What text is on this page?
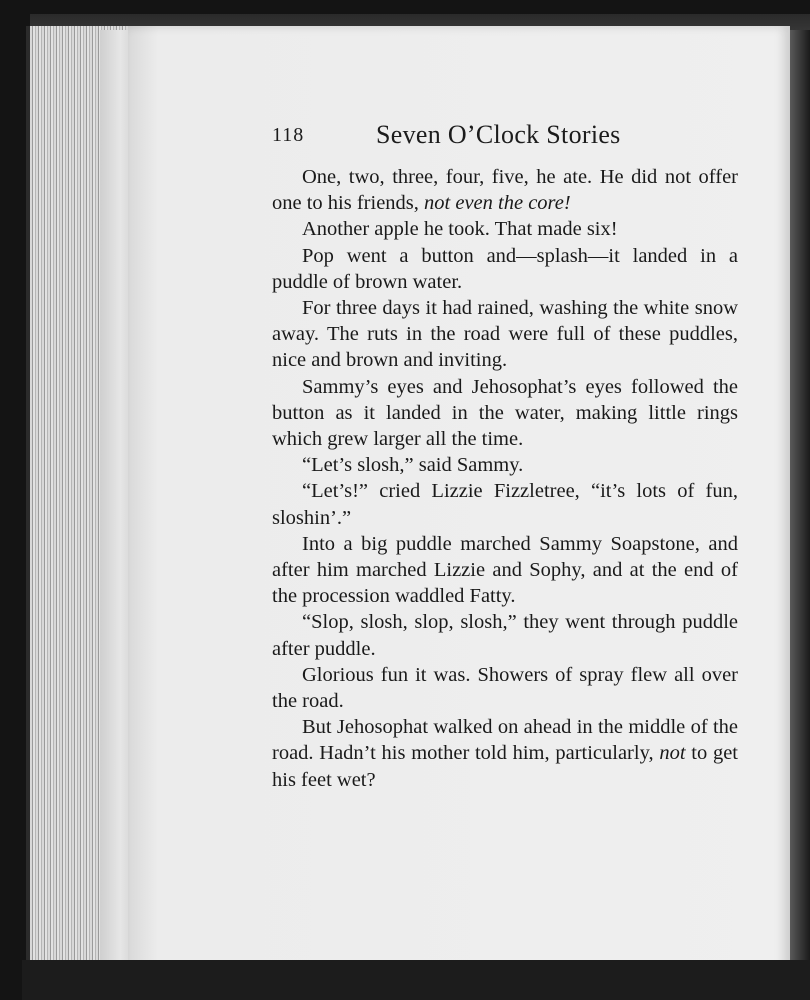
118	Seven O’Clock Stories

One, two, three, four, five, he ate. He did not offer one to his friends, not even the core!

Another apple he took. That made six!

Pop went a button and—splash—it landed in a puddle of brown water.

For three days it had rained, washing the white snow away. The ruts in the road were full of these puddles, nice and brown and inviting.

Sammy’s eyes and Jehosophat’s eyes followed the button as it landed in the water, making little rings which grew larger all the time.

“Let’s slosh,” said Sammy.

“Let’s!” cried Lizzie Fizzletree, “it’s lots of fun, sloshin’.”

Into a big puddle marched Sammy Soapstone, and after him marched Lizzie and Sophy, and at the end of the procession waddled Fatty.

“Slop, slosh, slop, slosh,” they went through puddle after puddle.

Glorious fun it was. Showers of spray flew all over the road.

But Jehosophat walked on ahead in the middle of the road. Hadn’t his mother told him, particularly, not to get his feet wet?
